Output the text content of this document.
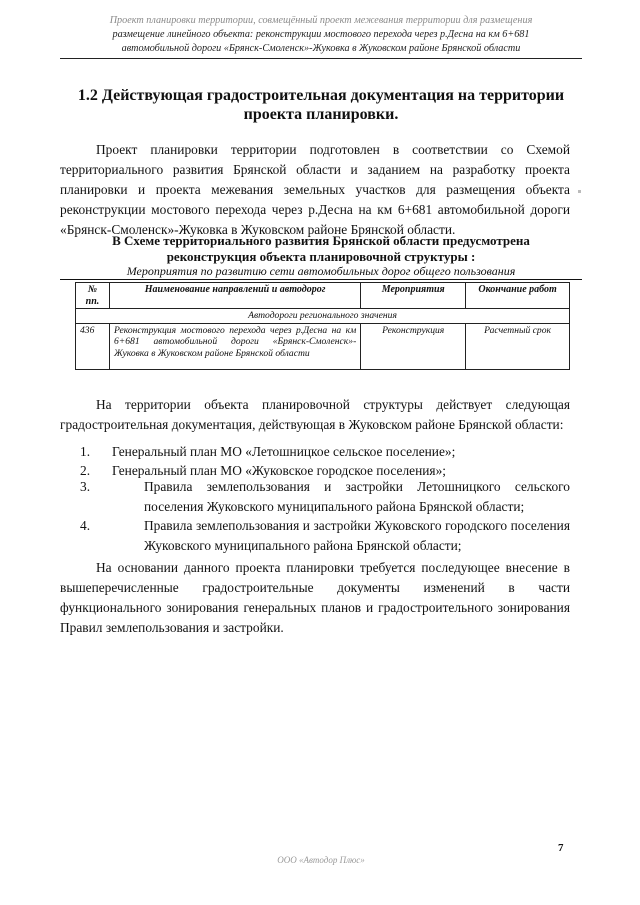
Проект планировки территории, совмещённый проект межевания территории для размещения
размещение линейного объекта: реконструкции мостового перехода через р.Десна на км 6+681
автомобильной дороги «Брянск-Смоленск»-Жуковка в Жуковском районе Брянской области
1.2 Действующая градостроительная документация на территории
проекта планировки.
Проект планировки территории подготовлен в соответствии со Схемой территориального развития Брянской области и заданием на разработку проекта планировки и проекта межевания земельных участков для размещения объекта реконструкции мостового перехода через р.Десна на км 6+681 автомобильной дороги «Брянск-Смоленск»-Жуковка в Жуковском районе Брянской области.
В Схеме территориального развития Брянской области предусмотрена
реконструкция объекта планировочной структуры :
Мероприятия по развитию сети автомобильных дорог общего пользования
№ пп.	Наименование направлений и автодорог	Мероприятия	Окончание работ
Автодороги регионального значения			
436	Реконструкция мостового перехода через р.Десна на км 6+681 автомобильной дороги «Брянск-Смоленск»-Жуковка в Жуковском районе Брянской области	Реконструкция	Расчетный срок
На территории объекта планировочной структуры действует следующая градостроительная документация, действующая в Жуковском районе Брянской области:
1. Генеральный план МО «Летошницкое сельское поселение»;
2. Генеральный план МО «Жуковское городское поселения»;
3.	Правила землепользования и застройки Летошницкого сельского поселения Жуковского муниципального района Брянской области;
4.	Правила землепользования и застройки Жуковского городского поселения Жуковского муниципального района Брянской области;
На основании данного проекта планировки требуется последующее внесение в вышеперечисленные градостроительные документы изменений в части функционального зонирования генеральных планов и градостроительного зонирования Правил землепользования и застройки.
7
ООО «Автодор Плюс»
